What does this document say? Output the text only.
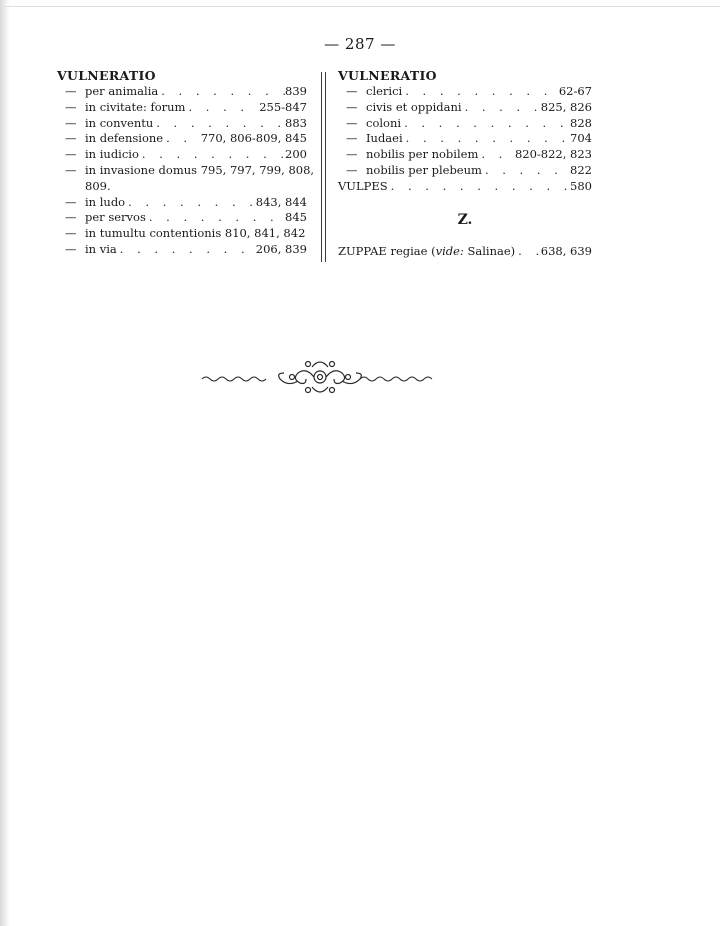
— 287 —
VULNERATIO
— per animalia . . .	839
— in civitate: forum . . .	255-847
— in conventu . . .	883
— in defensione . . .	770, 806-809, 845
— in iudicio . . .	200
— in invasione domus 795, 797, 799, 808,
809.
— in ludo . . .	843, 844
— per servos . . .	845
— in tumultu contentionis 810, 841, 842
— in via . . .	206, 839
VULNERATIO
— clerici . . .	62-67
— civis et oppidani . . .	825, 826
— coloni . . .	828
— Iudaei . . .	704
— nobilis per nobilem . . .	820-822, 823
— nobilis per plebeum . . .	822
VULPES . . .	580
Z.
ZUPPAE regiae (vide: Salinae) . . . 638, 639
